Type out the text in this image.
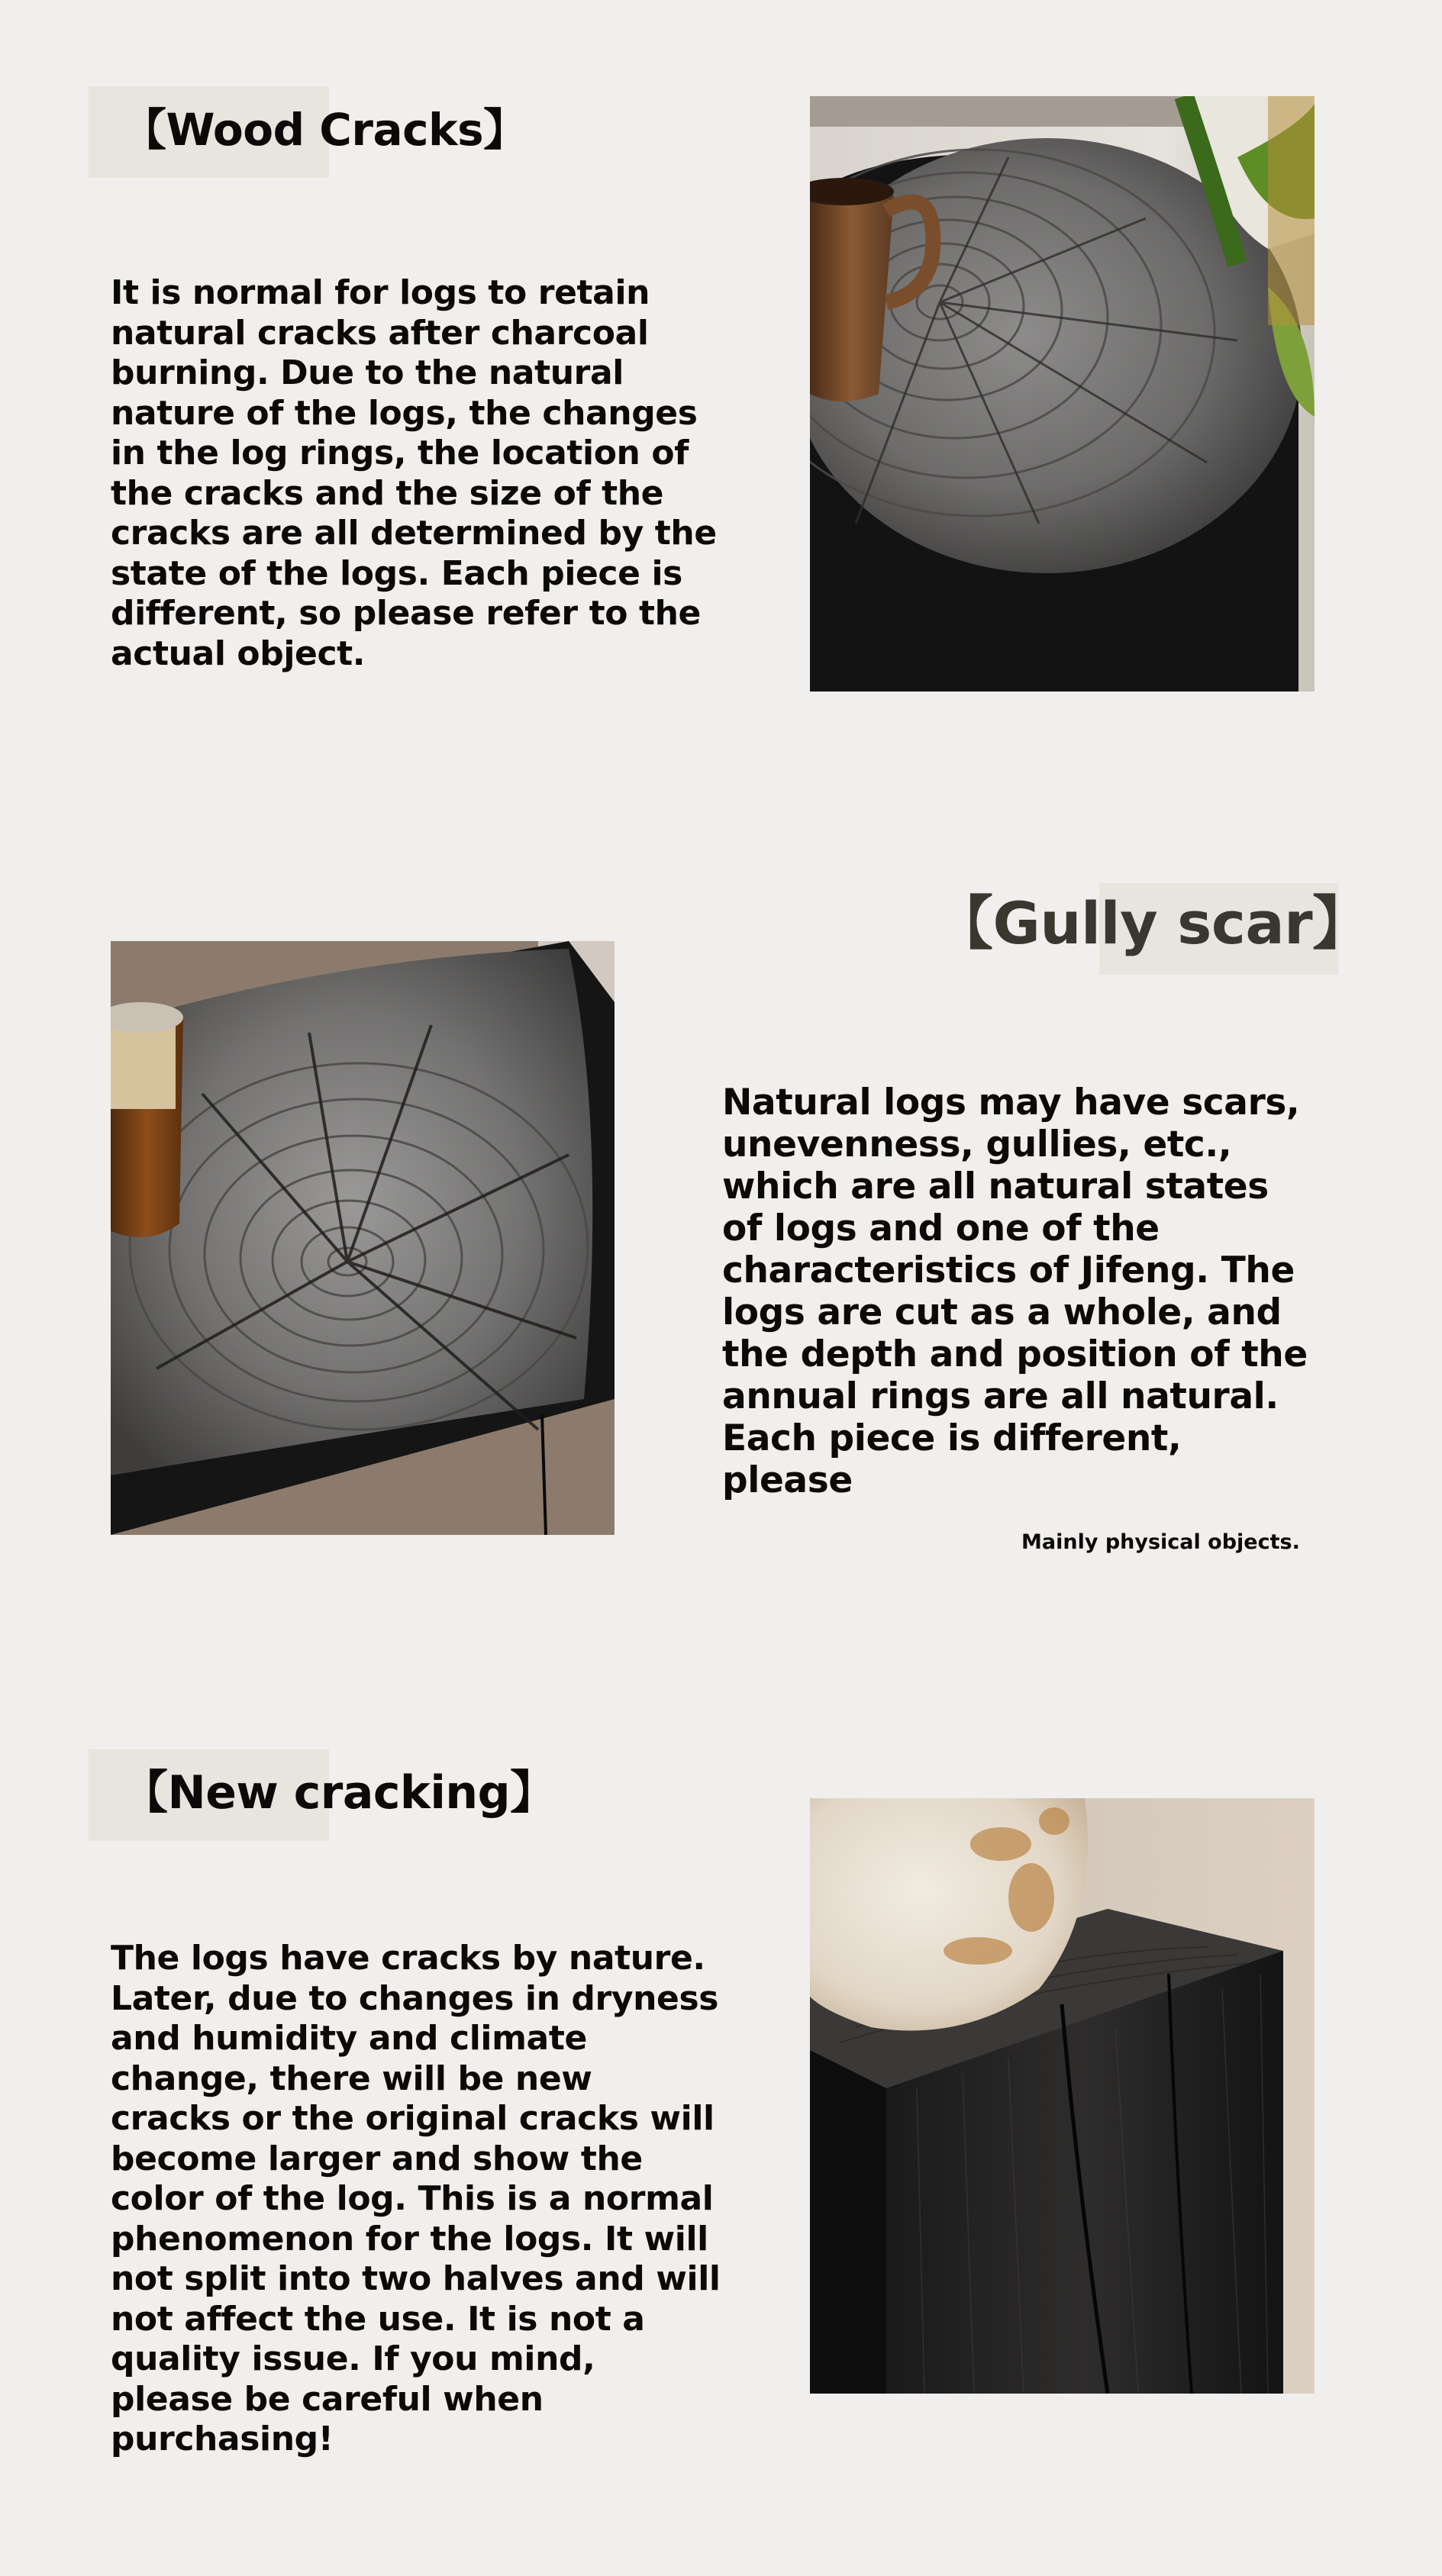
【Wood Cracks】

It is normal for logs to retain natural cracks after charcoal burning. Due to the natural nature of the logs, the changes in the log rings, the location of the cracks and the size of the cracks are all determined by the state of the logs. Each piece is different, so please refer to the actual object.

【Gully scar】

Natural logs may have scars, unevenness, gullies, etc., which are all natural states of logs and one of the characteristics of Jifeng. The logs are cut as a whole, and the depth and position of the annual rings are all natural. Each piece is different, please

Mainly physical objects.

【New cracking】

The logs have cracks by nature. Later, due to changes in dryness and humidity and climate change, there will be new cracks or the original cracks will become larger and show the color of the log. This is a normal phenomenon for the logs. It will not split into two halves and will not affect the use. It is not a quality issue. If you mind, please be careful when purchasing!
